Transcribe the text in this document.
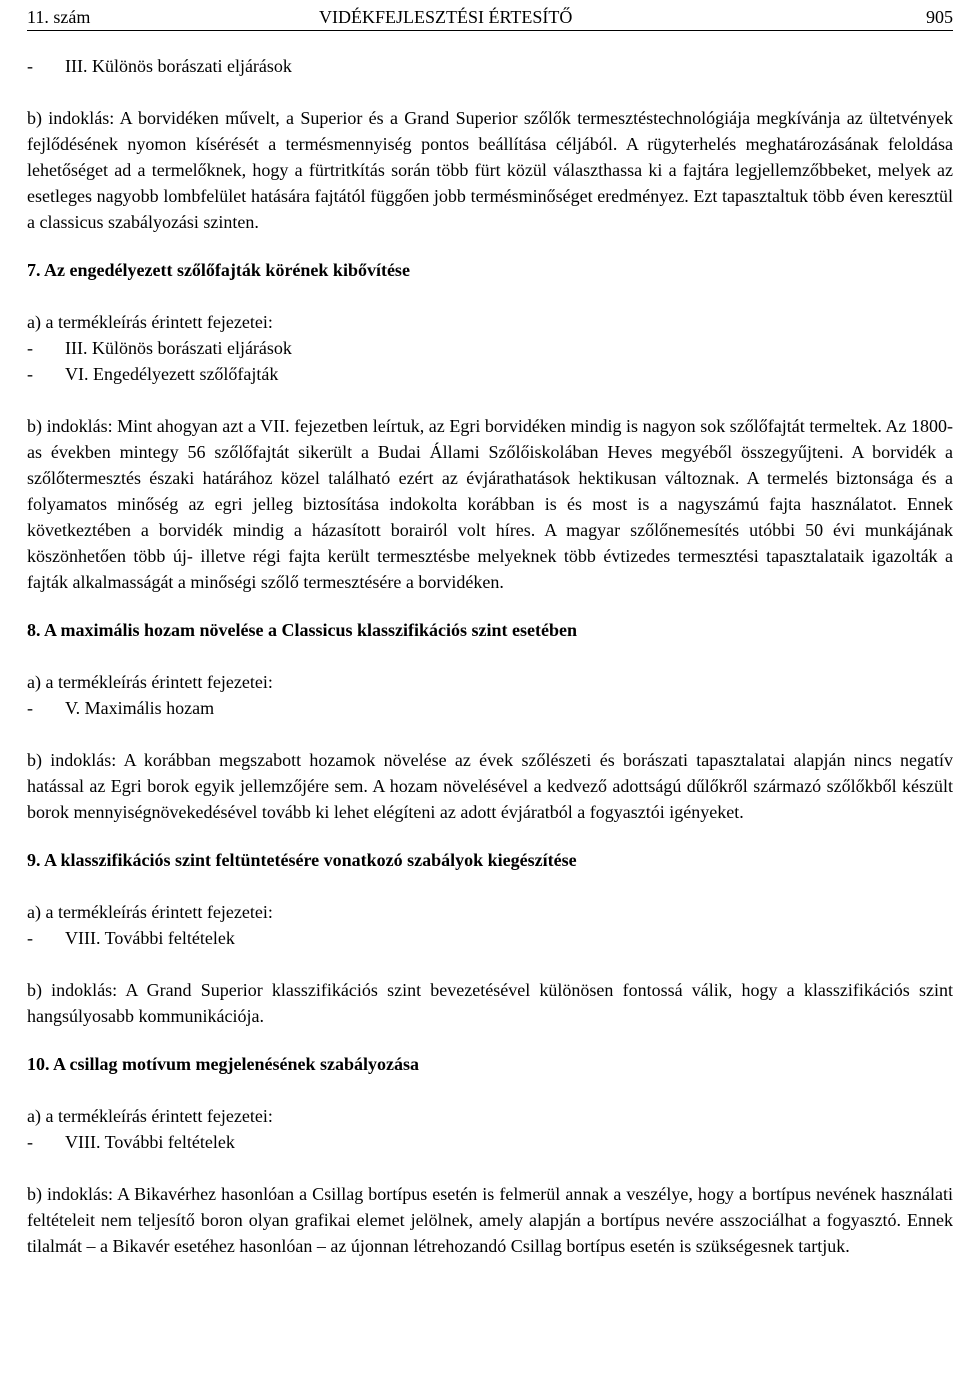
11. szám	VIDÉKFEJLESZTÉSI ÉRTESÍTŐ	905
- III. Különös borászati eljárások

b) indoklás: A borvidéken művelt, a Superior és a Grand Superior szőlők termesztéstechnológiája megkívánja az ültetvények fejlődésének nyomon kísérését a termésmennyiség pontos beállítása céljából. A rügyterhelés meghatározásának feloldása lehetőséget ad a termelőknek, hogy a fürtritkítás során több fürt közül választhassa ki a fajtára legjellemzőbbeket, melyek az esetleges nagyobb lombfelület hatására fajtától függően jobb termésminőséget eredményez. Ezt tapasztaltuk több éven keresztül a classicus szabályozási szinten.

7. Az engedélyezett szőlőfajták körének kibővítése
a) a termékleírás érintett fejezetei:
- III. Különös borászati eljárások
- VI. Engedélyezett szőlőfajták

b) indoklás: Mint ahogyan azt a VII. fejezetben leírtuk, az Egri borvidéken mindig is nagyon sok szőlőfajtát termeltek. Az 1800-as években mintegy 56 szőlőfajtát sikerült a Budai Állami Szőlőiskolában Heves megyéből összegyűjteni. A borvidék a szőlőtermesztés északi határához közel található ezért az évjárathatások hektikusan változnak. A termelés biztonsága és a folyamatos minőség az egri jelleg biztosítása indokolta korábban is és most is a nagyszámú fajta használatot. Ennek következtében a borvidék mindig a házasított borairól volt híres. A magyar szőlőnemesítés utóbbi 50 évi munkájának köszönhetően több új- illetve régi fajta került termesztésbe melyeknek több évtizedes termesztési tapasztalataik igazolták a fajták alkalmasságát a minőségi szőlő termesztésére a borvidéken.

8. A maximális hozam növelése a Classicus klasszifikációs szint esetében
a) a termékleírás érintett fejezetei:
- V. Maximális hozam

b) indoklás: A korábban megszabott hozamok növelése az évek szőlészeti és borászati tapasztalatai alapján nincs negatív hatással az Egri borok egyik jellemzőjére sem. A hozam növelésével a kedvező adottságú dűlőkről származó szőlőkből készült borok mennyiségnövekedésével tovább ki lehet elégíteni az adott évjáratból a fogyasztói igényeket.

9. A klasszifikációs szint feltüntetésére vonatkozó szabályok kiegészítése
a) a termékleírás érintett fejezetei:
- VIII. További feltételek

b) indoklás: A Grand Superior klasszifikációs szint bevezetésével különösen fontossá válik, hogy a klasszifikációs szint hangsúlyosabb kommunikációja.

10. A csillag motívum megjelenésének szabályozása
a) a termékleírás érintett fejezetei:
- VIII. További feltételek

b) indoklás: A Bikavérhez hasonlóan a Csillag bortípus esetén is felmerül annak a veszélye, hogy a bortípus nevének használati feltételeit nem teljesítő boron olyan grafikai elemet jelölnek, amely alapján a bortípus nevére asszociálhat a fogyasztó. Ennek tilalmát – a Bikavér esetéhez hasonlóan – az újonnan létrehozandó Csillag bortípus esetén is szükségesnek tartjuk.
